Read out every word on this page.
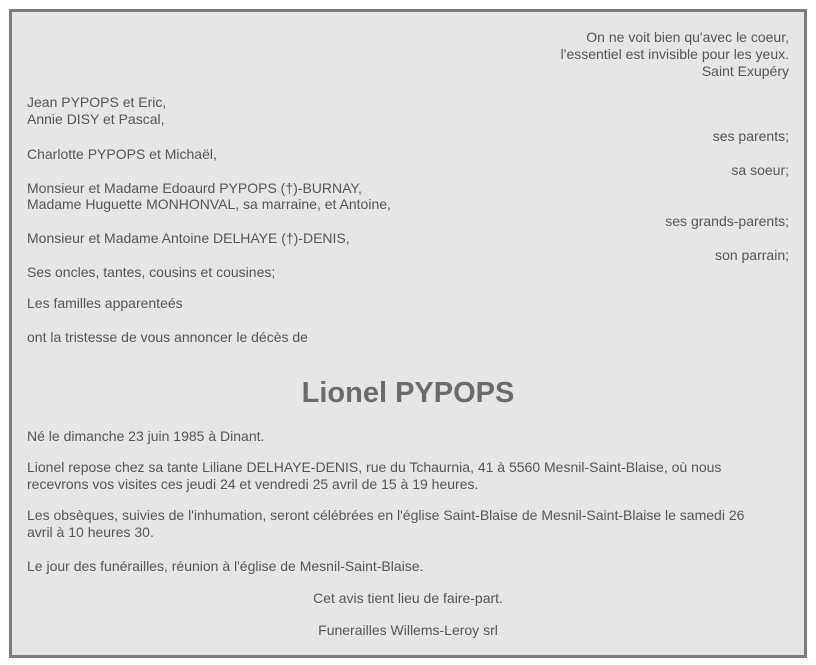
On ne voit bien qu'avec le coeur,
l'essentiel est invisible pour les yeux.
Saint Exupéry
Jean PYPOPS et Eric,
Annie DISY et Pascal,
ses parents;
Charlotte PYPOPS et Michaël,
sa soeur;
Monsieur et Madame Edoaurd PYPOPS (†)-BURNAY,
Madame Huguette MONHONVAL, sa marraine, et Antoine,
ses grands-parents;
Monsieur et Madame Antoine DELHAYE (†)-DENIS,
son parrain;
Ses oncles, tantes, cousins et cousines;
Les familles apparenteés
ont la tristesse de vous annoncer le décès de
Lionel PYPOPS
Né le dimanche 23 juin 1985 à Dinant.
Lionel repose chez sa tante Liliane DELHAYE-DENIS, rue du Tchaurnia, 41 à 5560 Mesnil-Saint-Blaise, où nous
recevrons vos visites ces jeudi 24 et vendredi 25 avril de 15 à 19 heures.
Les obsèques, suivies de l'inhumation, seront célébrées en l'église Saint-Blaise de Mesnil-Saint-Blaise le samedi 26
avril à 10 heures 30.
Le jour des funérailles, réunion à l'église de Mesnil-Saint-Blaise.
Cet avis tient lieu de faire-part.
Funerailles Willems-Leroy srl
